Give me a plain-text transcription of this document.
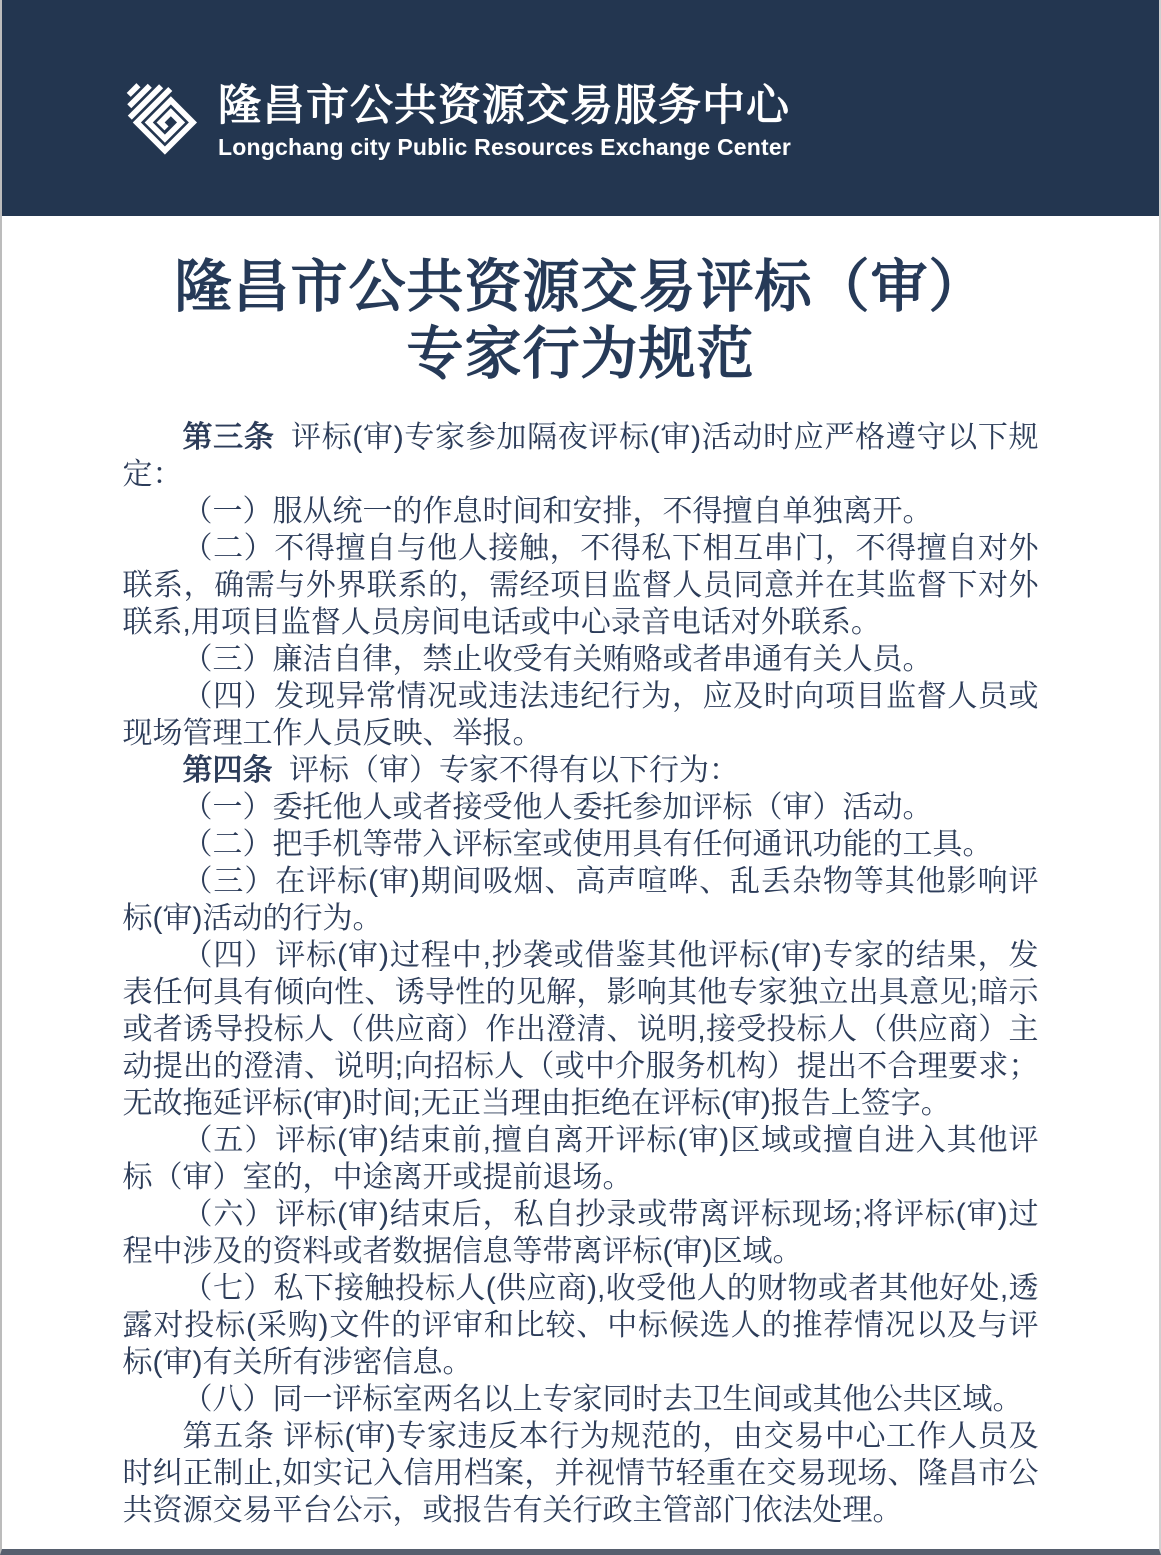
隆昌市公共资源交易服务中心
Longchang city Public Resources Exchange Center
隆昌市公共资源交易评标（审）
专家行为规范

第三条 评标(审)专家参加隔夜评标(审)活动时应严格遵守以下规定：

（一）服从统一的作息时间和安排，不得擅自单独离开。

（二）不得擅自与他人接触，不得私下相互串门，不得擅自对外联系，确需与外界联系的，需经项目监督人员同意并在其监督下对外联系,用项目监督人员房间电话或中心录音电话对外联系。

（三）廉洁自律，禁止收受有关贿赂或者串通有关人员。

（四）发现异常情况或违法违纪行为，应及时向项目监督人员或现场管理工作人员反映、举报。

第四条 评标（审）专家不得有以下行为：

（一）委托他人或者接受他人委托参加评标（审）活动。

（二）把手机等带入评标室或使用具有任何通讯功能的工具。

（三）在评标(审)期间吸烟、高声喧哗、乱丢杂物等其他影响评标(审)活动的行为。

（四）评标(审)过程中,抄袭或借鉴其他评标(审)专家的结果，发表任何具有倾向性、诱导性的见解，影响其他专家独立出具意见;暗示或者诱导投标人（供应商）作出澄清、说明,接受投标人（供应商）主动提出的澄清、说明;向招标人（或中介服务机构）提出不合理要求；无故拖延评标(审)时间;无正当理由拒绝在评标(审)报告上签字。

（五）评标(审)结束前,擅自离开评标(审)区域或擅自进入其他评标（审）室的，中途离开或提前退场。

（六）评标(审)结束后，私自抄录或带离评标现场;将评标(审)过程中涉及的资料或者数据信息等带离评标(审)区域。

（七）私下接触投标人(供应商),收受他人的财物或者其他好处,透露对投标(采购)文件的评审和比较、中标候选人的推荐情况以及与评标(审)有关所有涉密信息。

（八）同一评标室两名以上专家同时去卫生间或其他公共区域。

第五条 评标(审)专家违反本行为规范的，由交易中心工作人员及时纠正制止,如实记入信用档案，并视情节轻重在交易现场、隆昌市公共资源交易平台公示，或报告有关行政主管部门依法处理。
